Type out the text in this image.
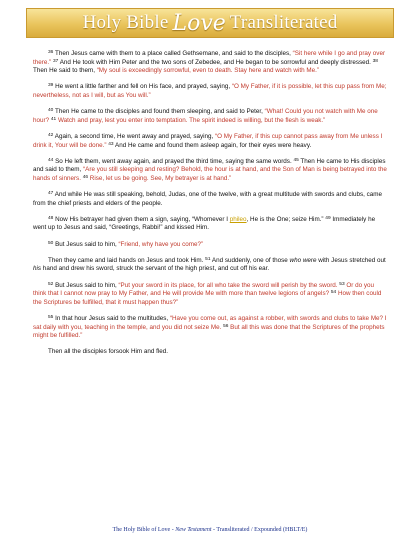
Holy Bible Love Transliterated

$^{36}$ Then Jesus came with them to a place called Gethsemane, and said to the disciples, “Sit here while I go and pray over there.” $^{37}$ And He took with Him Peter and the two sons of Zebedee, and He began to be sorrowful and deeply distressed. $^{38}$ Then He said to them, “My soul is exceedingly sorrowful, even to death. Stay here and watch with Me.”

$^{39}$ He went a little farther and fell on His face, and prayed, saying, “O My Father, if it is possible, let this cup pass from Me; nevertheless, not as I will, but as You will.”

$^{40}$ Then He came to the disciples and found them sleeping, and said to Peter, “What! Could you not watch with Me one hour? $^{41}$ Watch and pray, lest you enter into temptation. The spirit indeed is willing, but the flesh is weak.”

$^{42}$ Again, a second time, He went away and prayed, saying, “O My Father, if this cup cannot pass away from Me unless I drink it, Your will be done.” $^{43}$ And He came and found them asleep again, for their eyes were heavy.

$^{44}$ So He left them, went away again, and prayed the third time, saying the same words. $^{45}$ Then He came to His disciples and said to them, “Are you still sleeping and resting? Behold, the hour is at hand, and the Son of Man is being betrayed into the hands of sinners. $^{46}$ Rise, let us be going. See, My betrayer is at hand.”

$^{47}$ And while He was still speaking, behold, Judas, one of the twelve, with a great multitude with swords and clubs, came from the chief priests and elders of the people.

$^{48}$ Now His betrayer had given them a sign, saying, “Whomever I phileo, He is the One; seize Him.” $^{49}$ Immediately he went up to Jesus and said, “Greetings, Rabbi!” and kissed Him.

$^{50}$ But Jesus said to him, “Friend, why have you come?”

Then they came and laid hands on Jesus and took Him. $^{51}$ And suddenly, one of those who were with Jesus stretched out his hand and drew his sword, struck the servant of the high priest, and cut off his ear.

$^{52}$ But Jesus said to him, “Put your sword in its place, for all who take the sword will perish by the sword. $^{53}$ Or do you think that I cannot now pray to My Father, and He will provide Me with more than twelve legions of angels? $^{54}$ How then could the Scriptures be fulfilled, that it must happen thus?”

$^{55}$ In that hour Jesus said to the multitudes, “Have you come out, as against a robber, with swords and clubs to take Me? I sat daily with you, teaching in the temple, and you did not seize Me. $^{56}$ But all this was done that the Scriptures of the prophets might be fulfilled.”

Then all the disciples forsook Him and fled.

The Holy Bible of Love - New Testament - Transliterated / Expounded (HBLT/E)
